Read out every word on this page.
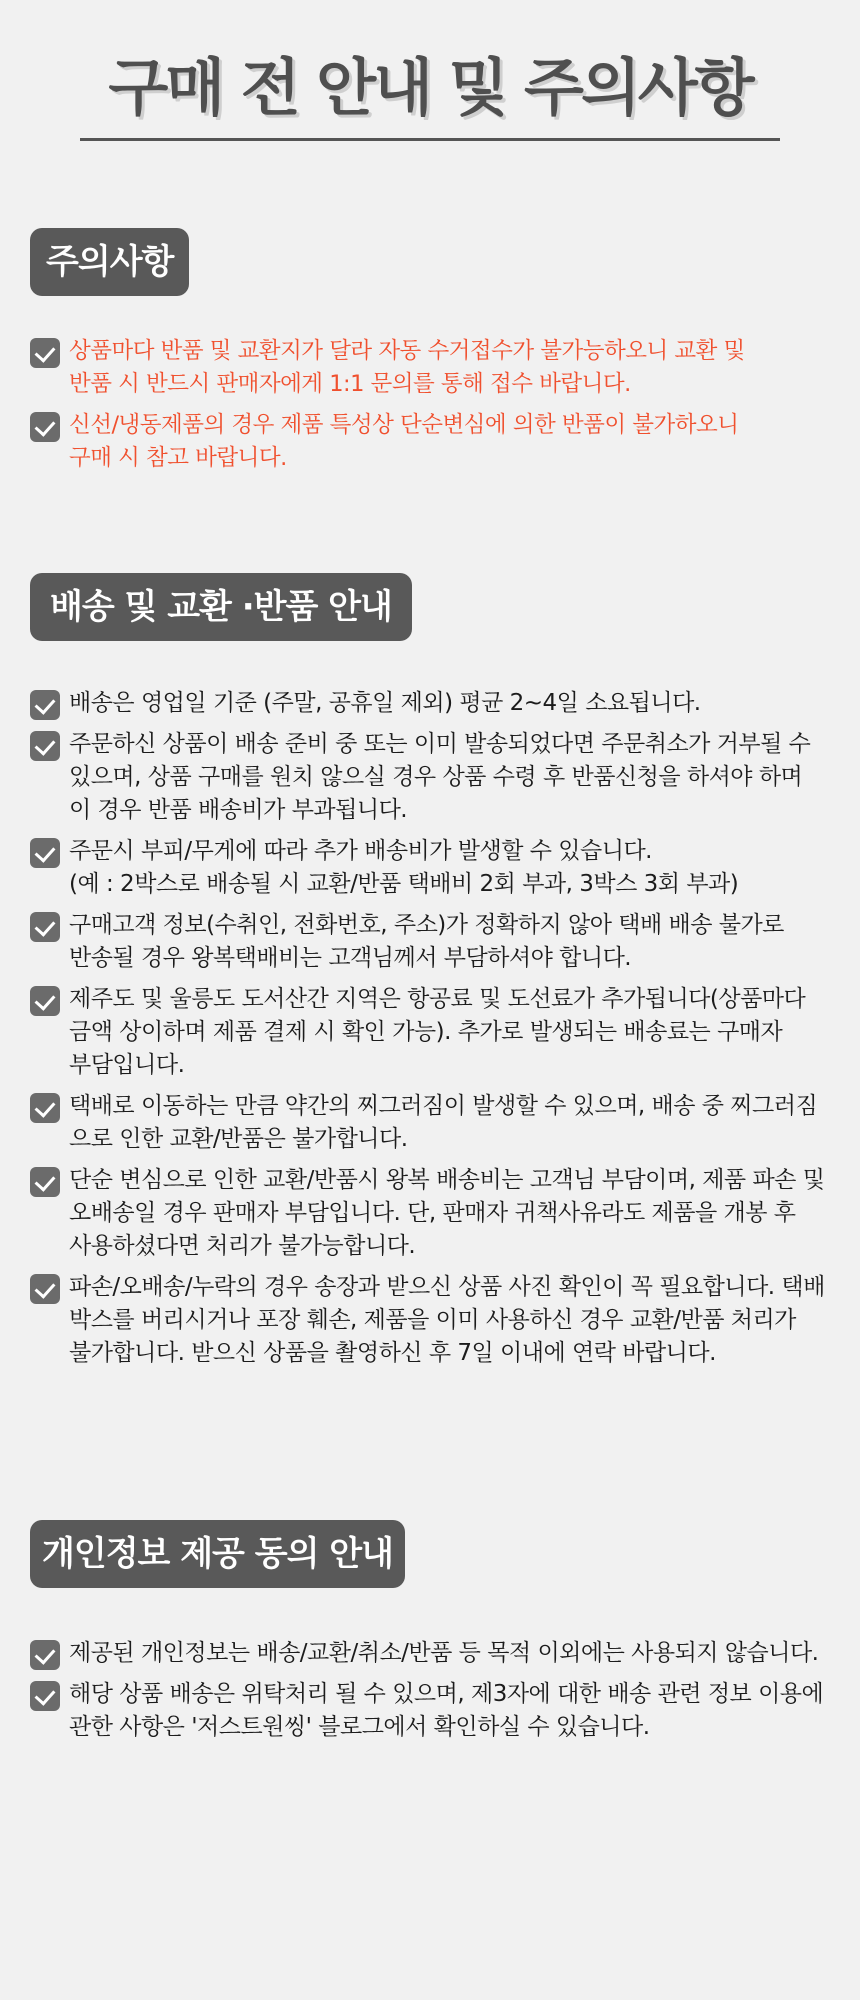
구매 전 안내 및 주의사항
주의사항
상품마다 반품 및 교환지가 달라 자동 수거접수가 불가능하오니 교환 및
반품 시 반드시 판매자에게 1:1 문의를 통해 접수 바랍니다.
신선/냉동제품의 경우 제품 특성상 단순변심에 의한 반품이 불가하오니
구매 시 참고 바랍니다.
배송 및 교환 ·반품 안내
배송은 영업일 기준 (주말, 공휴일 제외) 평균 2~4일 소요됩니다.
주문하신 상품이 배송 준비 중 또는 이미 발송되었다면 주문취소가 거부될 수
있으며, 상품 구매를 원치 않으실 경우 상품 수령 후 반품신청을 하셔야 하며
이 경우 반품 배송비가 부과됩니다.
주문시 부피/무게에 따라 추가 배송비가 발생할 수 있습니다.
(예 : 2박스로 배송될 시 교환/반품 택배비 2회 부과, 3박스 3회 부과)
구매고객 정보(수취인, 전화번호, 주소)가 정확하지 않아 택배 배송 불가로
반송될 경우 왕복택배비는 고객님께서 부담하셔야 합니다.
제주도 및 울릉도 도서산간 지역은 항공료 및 도선료가 추가됩니다(상품마다
금액 상이하며 제품 결제 시 확인 가능). 추가로 발생되는 배송료는 구매자
부담입니다.
택배로 이동하는 만큼 약간의 찌그러짐이 발생할 수 있으며, 배송 중 찌그러짐
으로 인한 교환/반품은 불가합니다.
단순 변심으로 인한 교환/반품시 왕복 배송비는 고객님 부담이며, 제품 파손 및
오배송일 경우 판매자 부담입니다. 단, 판매자 귀책사유라도 제품을 개봉 후
사용하셨다면 처리가 불가능합니다.
파손/오배송/누락의 경우 송장과 받으신 상품 사진 확인이 꼭 필요합니다. 택배
박스를 버리시거나 포장 훼손, 제품을 이미 사용하신 경우 교환/반품 처리가
불가합니다. 받으신 상품을 촬영하신 후 7일 이내에 연락 바랍니다.
개인정보 제공 동의 안내
제공된 개인정보는 배송/교환/취소/반품 등 목적 이외에는 사용되지 않습니다.
해당 상품 배송은 위탁처리 될 수 있으며, 제3자에 대한 배송 관련 정보 이용에
관한 사항은 '저스트원씽' 블로그에서 확인하실 수 있습니다.
